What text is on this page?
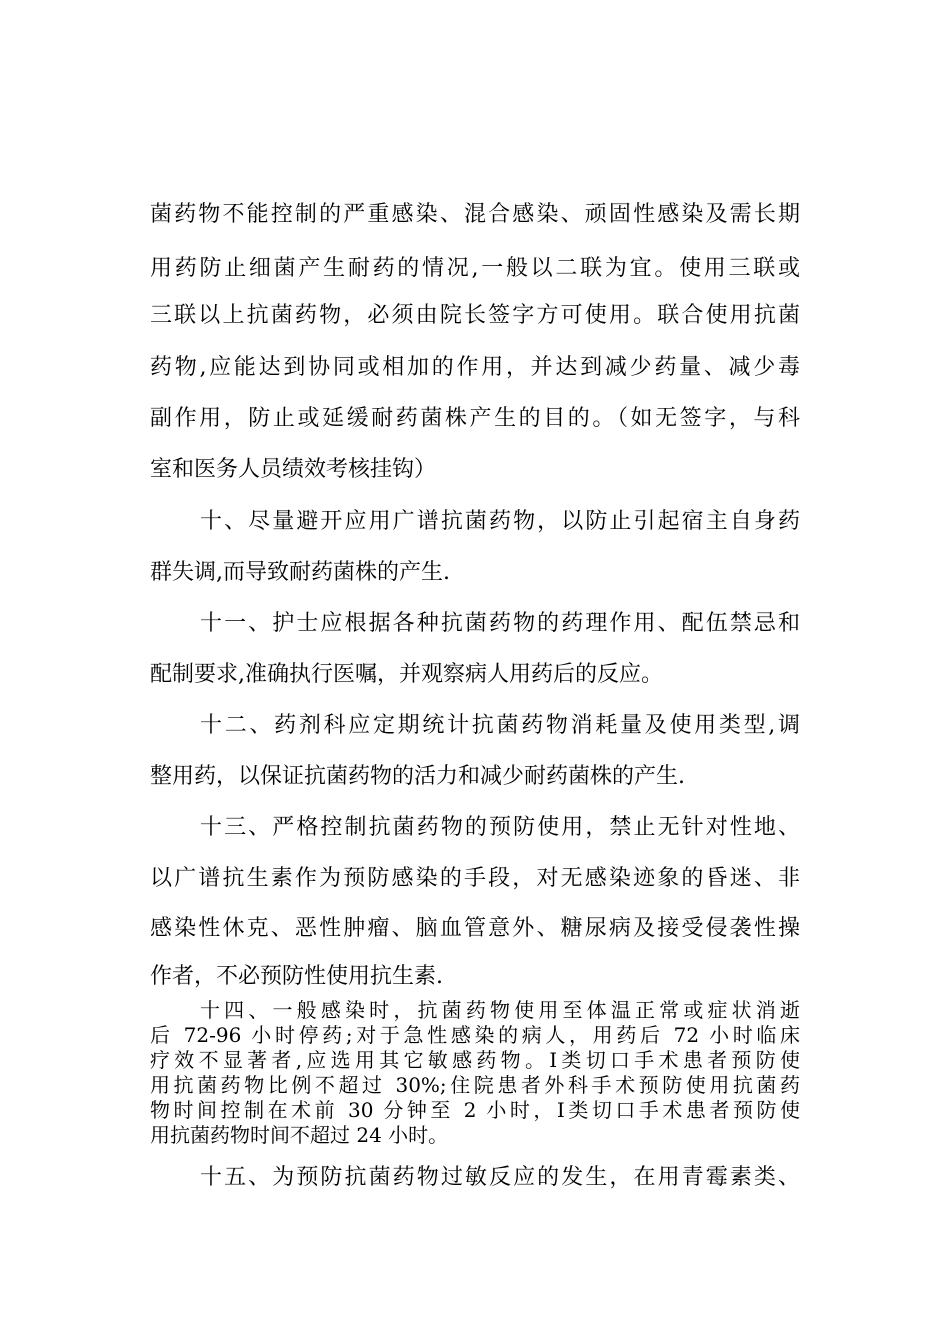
菌药物不能控制的严重感染、混合感染、顽固性感染及需长期
用药防止细菌产生耐药的情况,一般以二联为宜。使用三联或
三联以上抗菌药物，必须由院长签字方可使用。联合使用抗菌
药物,应能达到协同或相加的作用，并达到减少药量、减少毒
副作用，防止或延缓耐药菌株产生的目的。（如无签字，与科
室和医务人员绩效考核挂钩）
十、尽量避开应用广谱抗菌药物，以防止引起宿主自身药
群失调,而导致耐药菌株的产生.
十一、护士应根据各种抗菌药物的药理作用、配伍禁忌和
配制要求,准确执行医嘱，并观察病人用药后的反应。
十二、药剂科应定期统计抗菌药物消耗量及使用类型,调
整用药，以保证抗菌药物的活力和减少耐药菌株的产生.
十三、严格控制抗菌药物的预防使用，禁止无针对性地、
以广谱抗生素作为预防感染的手段，对无感染迹象的昏迷、非
感染性休克、恶性肿瘤、脑血管意外、糖尿病及接受侵袭性操
作者，不必预防性使用抗生素.
十四、一般感染时，抗菌药物使用至体温正常或症状消逝
后 72-96 小时停药;对于急性感染的病人，用药后 72 小时临床
疗效不显著者,应选用其它敏感药物。I类切口手术患者预防使
用抗菌药物比例不超过 30%;住院患者外科手术预防使用抗菌药
物时间控制在术前 30 分钟至 2 小时，I类切口手术患者预防使
用抗菌药物时间不超过 24 小时。
十五、为预防抗菌药物过敏反应的发生，在用青霉素类、
